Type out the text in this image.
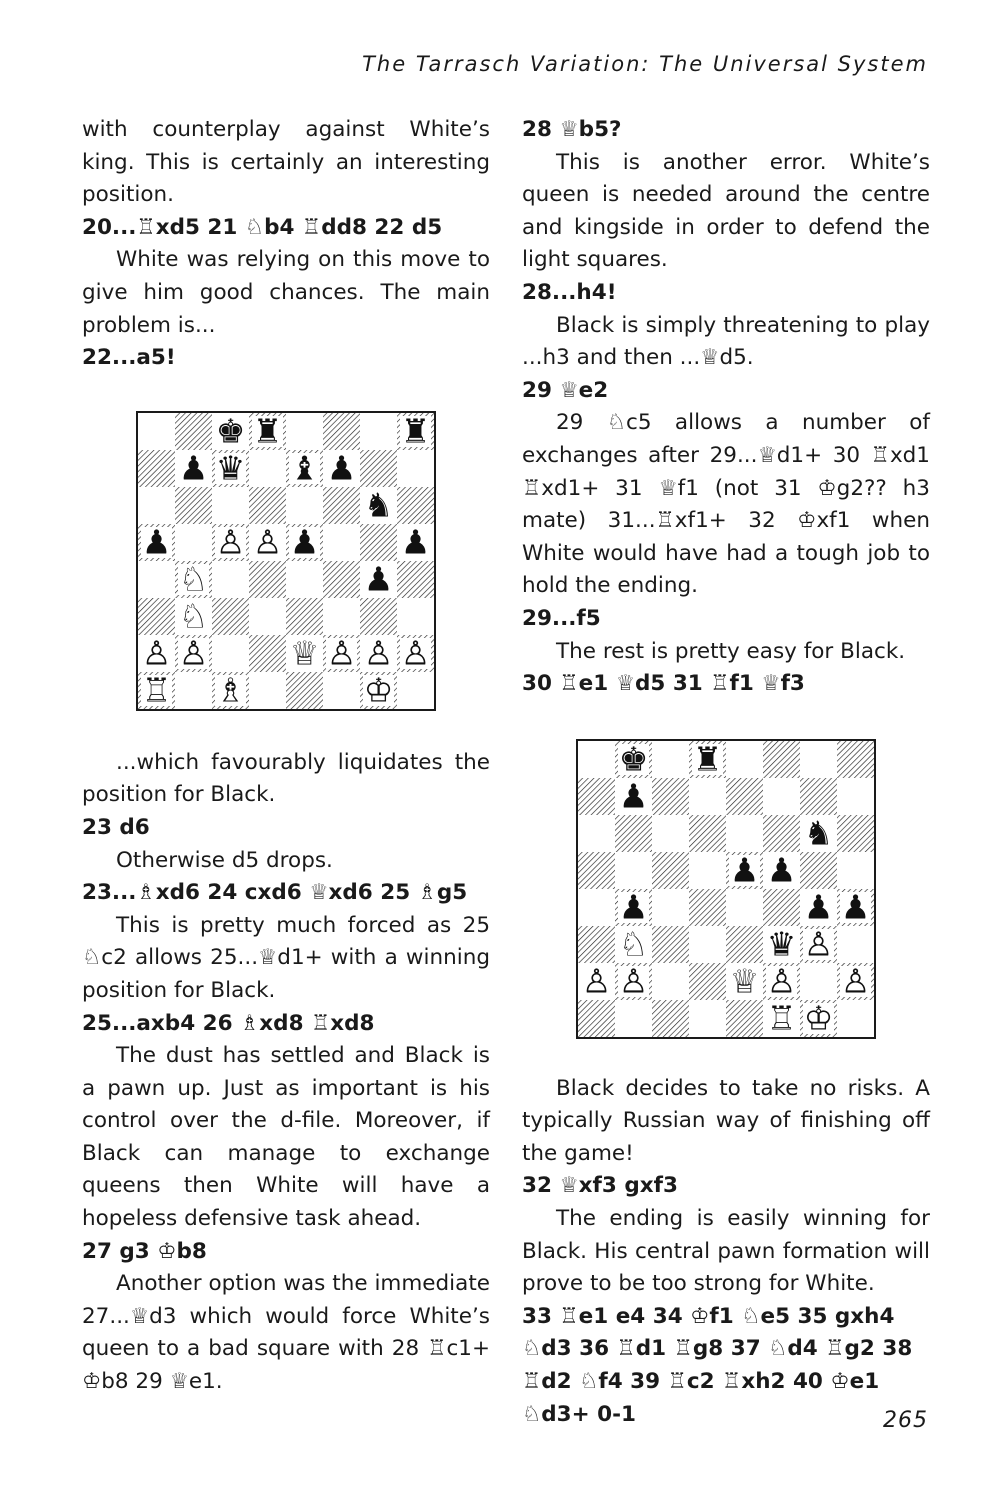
The Tarrasch Variation: The Universal System

with counterplay against White’s king. This is certainly an interesting position.

20...♖xd5 21 ♘b4 ♖dd8 22 d5

White was relying on this move to give him good chances. The main problem is...

22...a5!

♚ ♜	♜
♟ ♛ ♝ ♟
♞
♟ ♙ ♙ ♟ ♟
♘	♟
♘
♙ ♙ ♕ ♙ ♙ ♙
♖ ♗	♔

...which favourably liquidates the position for Black.

23 d6

Otherwise d5 drops.

23...♗xd6 24 cxd6 ♕xd6 25 ♗g5

This is pretty much forced as 25 ♘c2 allows 25...♕d1+ with a winning position for Black.

25...axb4 26 ♗xd8 ♖xd8

The dust has settled and Black is a pawn up. Just as important is his control over the d-file. Moreover, if Black can manage to exchange queens then White will have a hopeless defensive task ahead.

27 g3 ♔b8

Another option was the immediate 27...♕d3 which would force White’s queen to a bad square with 28 ♖c1+ ♔b8 29 ♕e1.

28 ♕b5?

This is another error. White’s queen is needed around the centre and kingside in order to defend the light squares.

28...h4!

Black is simply threatening to play ...h3 and then ...♕d5.

29 ♕e2

29 ♘c5 allows a number of exchanges after 29...♕d1+ 30 ♖xd1 ♖xd1+ 31 ♕f1 (not 31 ♔g2?? h3 mate) 31...♖xf1+ 32 ♔xf1 when White would have had a tough job to hold the ending.

29...f5

The rest is pretty easy for Black.

30 ♖e1 ♕d5 31 ♖f1 ♕f3

♚ ♜
♟
♞
♟ ♟
♟	♟ ♟
♘	♛ ♙
♙ ♙ ♕ ♙ ♙
♖ ♔

Black decides to take no risks. A typically Russian way of finishing off the game!

32 ♕xf3 gxf3

The ending is easily winning for Black. His central pawn formation will prove to be too strong for White.

33 ♖e1 e4 34 ♔f1 ♘e5 35 gxh4 ♘d3 36 ♖d1 ♖g8 37 ♘d4 ♖g2 38 ♖d2 ♘f4 39 ♖c2 ♖xh2 40 ♔e1 ♘d3+ 0-1	265
